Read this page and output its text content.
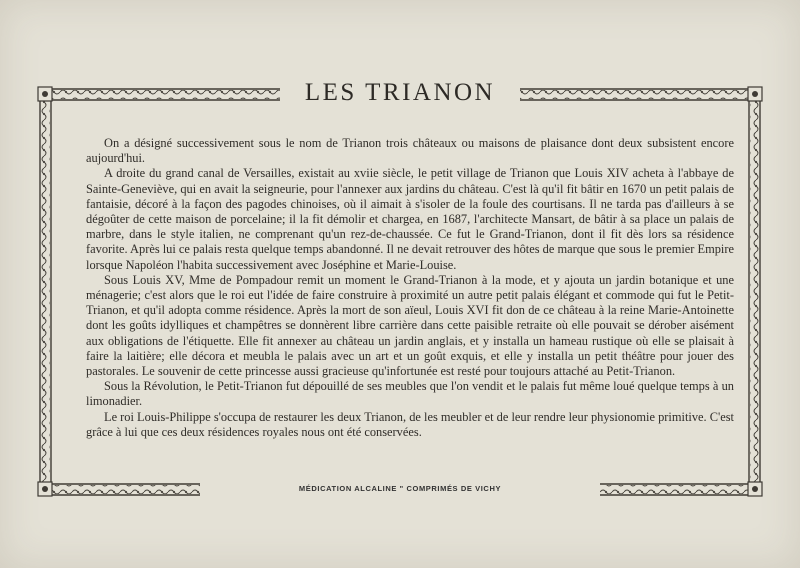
LES TRIANON

On a désigné successivement sous le nom de Trianon trois châteaux ou maisons de plaisance dont deux subsistent encore aujourd'hui.

A droite du grand canal de Versailles, existait au xviie siècle, le petit village de Trianon que Louis XIV acheta à l'abbaye de Sainte-Geneviève, qui en avait la seigneurie, pour l'annexer aux jardins du château. C'est là qu'il fit bâtir en 1670 un petit palais de fantaisie, décoré à la façon des pagodes chinoises, où il aimait à s'isoler de la foule des courtisans. Il ne tarda pas d'ailleurs à se dégoûter de cette maison de porcelaine; il la fit démolir et chargea, en 1687, l'architecte Mansart, de bâtir à sa place un palais de marbre, dans le style italien, ne comprenant qu'un rez-de-chaussée. Ce fut le Grand-Trianon, dont il fit dès lors sa résidence favorite. Après lui ce palais resta quelque temps abandonné. Il ne devait retrouver des hôtes de marque que sous le premier Empire lorsque Napoléon l'habita successivement avec Joséphine et Marie-Louise.

Sous Louis XV, Mme de Pompadour remit un moment le Grand-Trianon à la mode, et y ajouta un jardin botanique et une ménagerie; c'est alors que le roi eut l'idée de faire construire à proximité un autre petit palais élégant et commode qui fut le Petit-Trianon, et qu'il adopta comme résidence. Après la mort de son aïeul, Louis XVI fit don de ce château à la reine Marie-Antoinette dont les goûts idylliques et champêtres se donnèrent libre carrière dans cette paisible retraite où elle pouvait se dérober aisément aux obligations de l'étiquette. Elle fit annexer au château un jardin anglais, et y installa un hameau rustique où elle se plaisait à faire la laitière; elle décora et meubla le palais avec un art et un goût exquis, et elle y installa un petit théâtre pour jouer des pastorales. Le souvenir de cette princesse aussi gracieuse qu'infortunée est resté pour toujours attaché au Petit-Trianon.

Sous la Révolution, le Petit-Trianon fut dépouillé de ses meubles que l'on vendit et le palais fut même loué quelque temps à un limonadier.

Le roi Louis-Philippe s'occupa de restaurer les deux Trianon, de les meubler et de leur rendre leur physionomie primitive. C'est grâce à lui que ces deux résidences royales nous ont été conservées.

MÉDICATION ALCALINE " COMPRIMÉS DE VICHY
